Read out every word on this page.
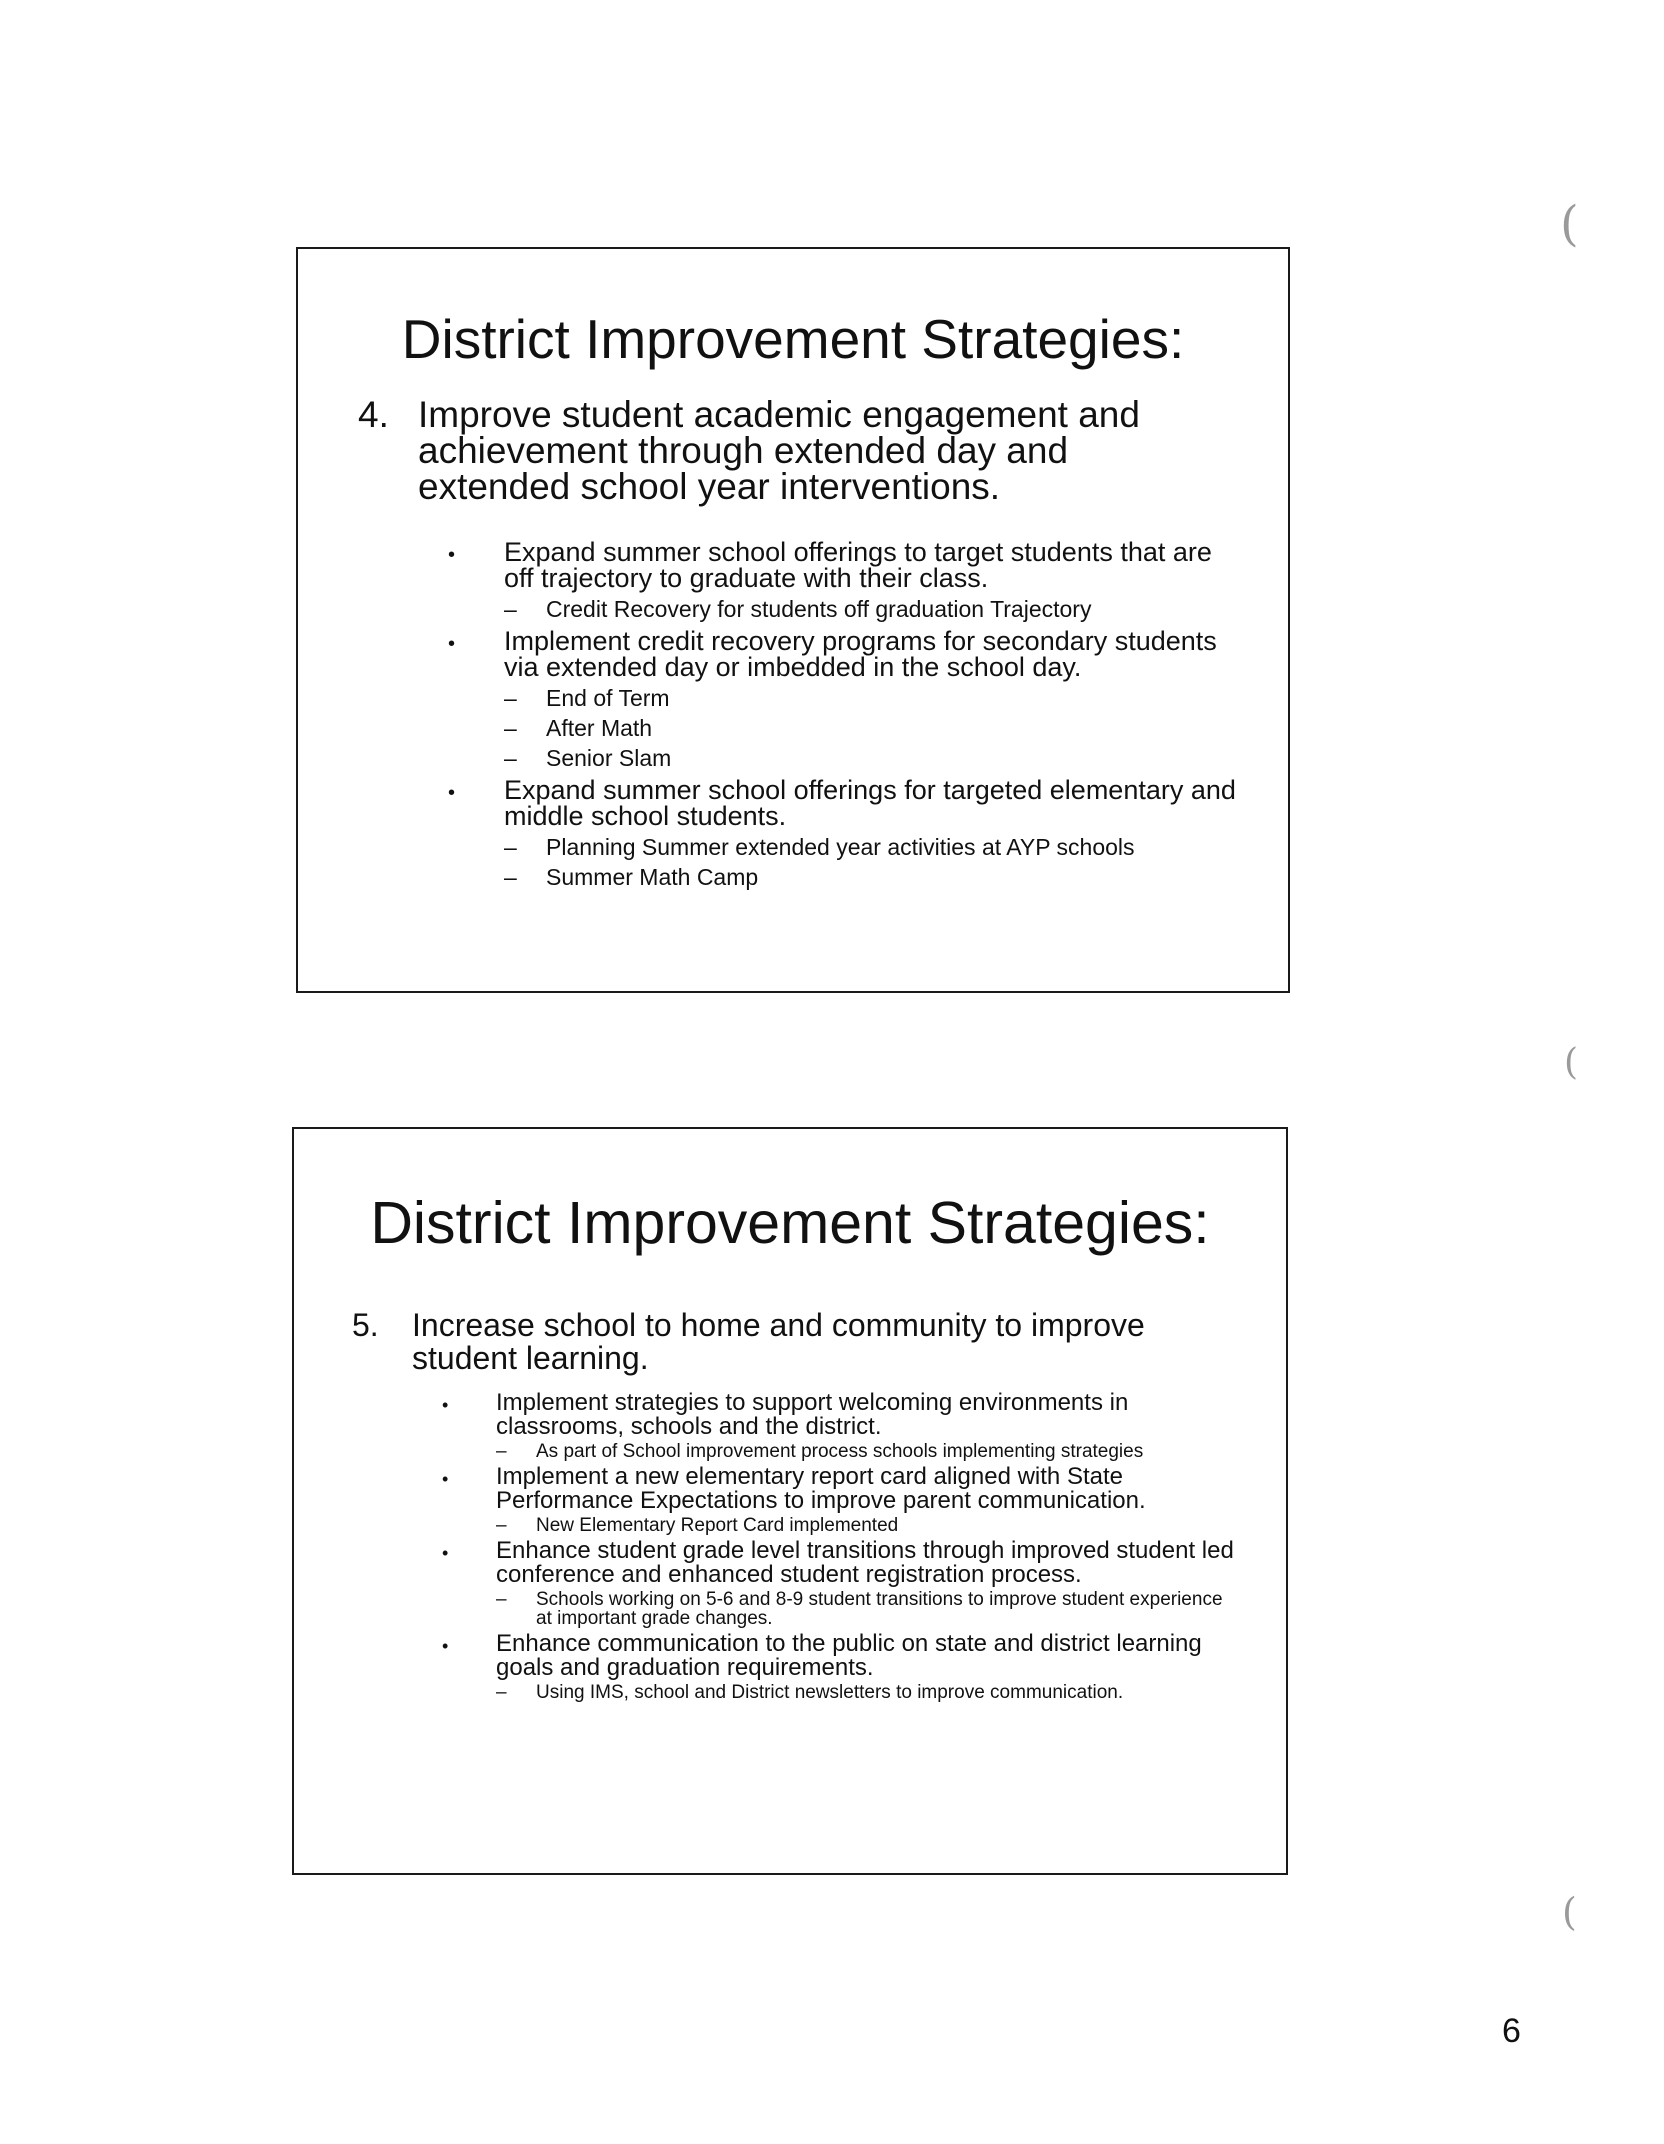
District Improvement Strategies:
4. Improve student academic engagement and achievement through extended day and extended school year interventions.
• Expand summer school offerings to target students that are off trajectory to graduate with their class.
– Credit Recovery for students off graduation Trajectory
• Implement credit recovery programs for secondary students via extended day or imbedded in the school day.
– End of Term
– After Math
– Senior Slam
• Expand summer school offerings for targeted elementary and middle school students.
– Planning Summer extended year activities at AYP schools
– Summer Math Camp
District Improvement Strategies:
5.	Increase school to home and community to improve student learning.
• Implement strategies to support welcoming environments in classrooms, schools and the district.
– As part of School improvement process schools implementing strategies
• Implement a new elementary report card aligned with State Performance Expectations to improve parent communication.
– New Elementary Report Card implemented
• Enhance student grade level transitions through improved student led conference and enhanced student registration process.
– Schools working on 5-6 and 8-9 student transitions to improve student experience at important grade changes.
• Enhance communication to the public on state and district learning goals and graduation requirements.
– Using IMS, school and District newsletters to improve communication.
(
(
(
6
